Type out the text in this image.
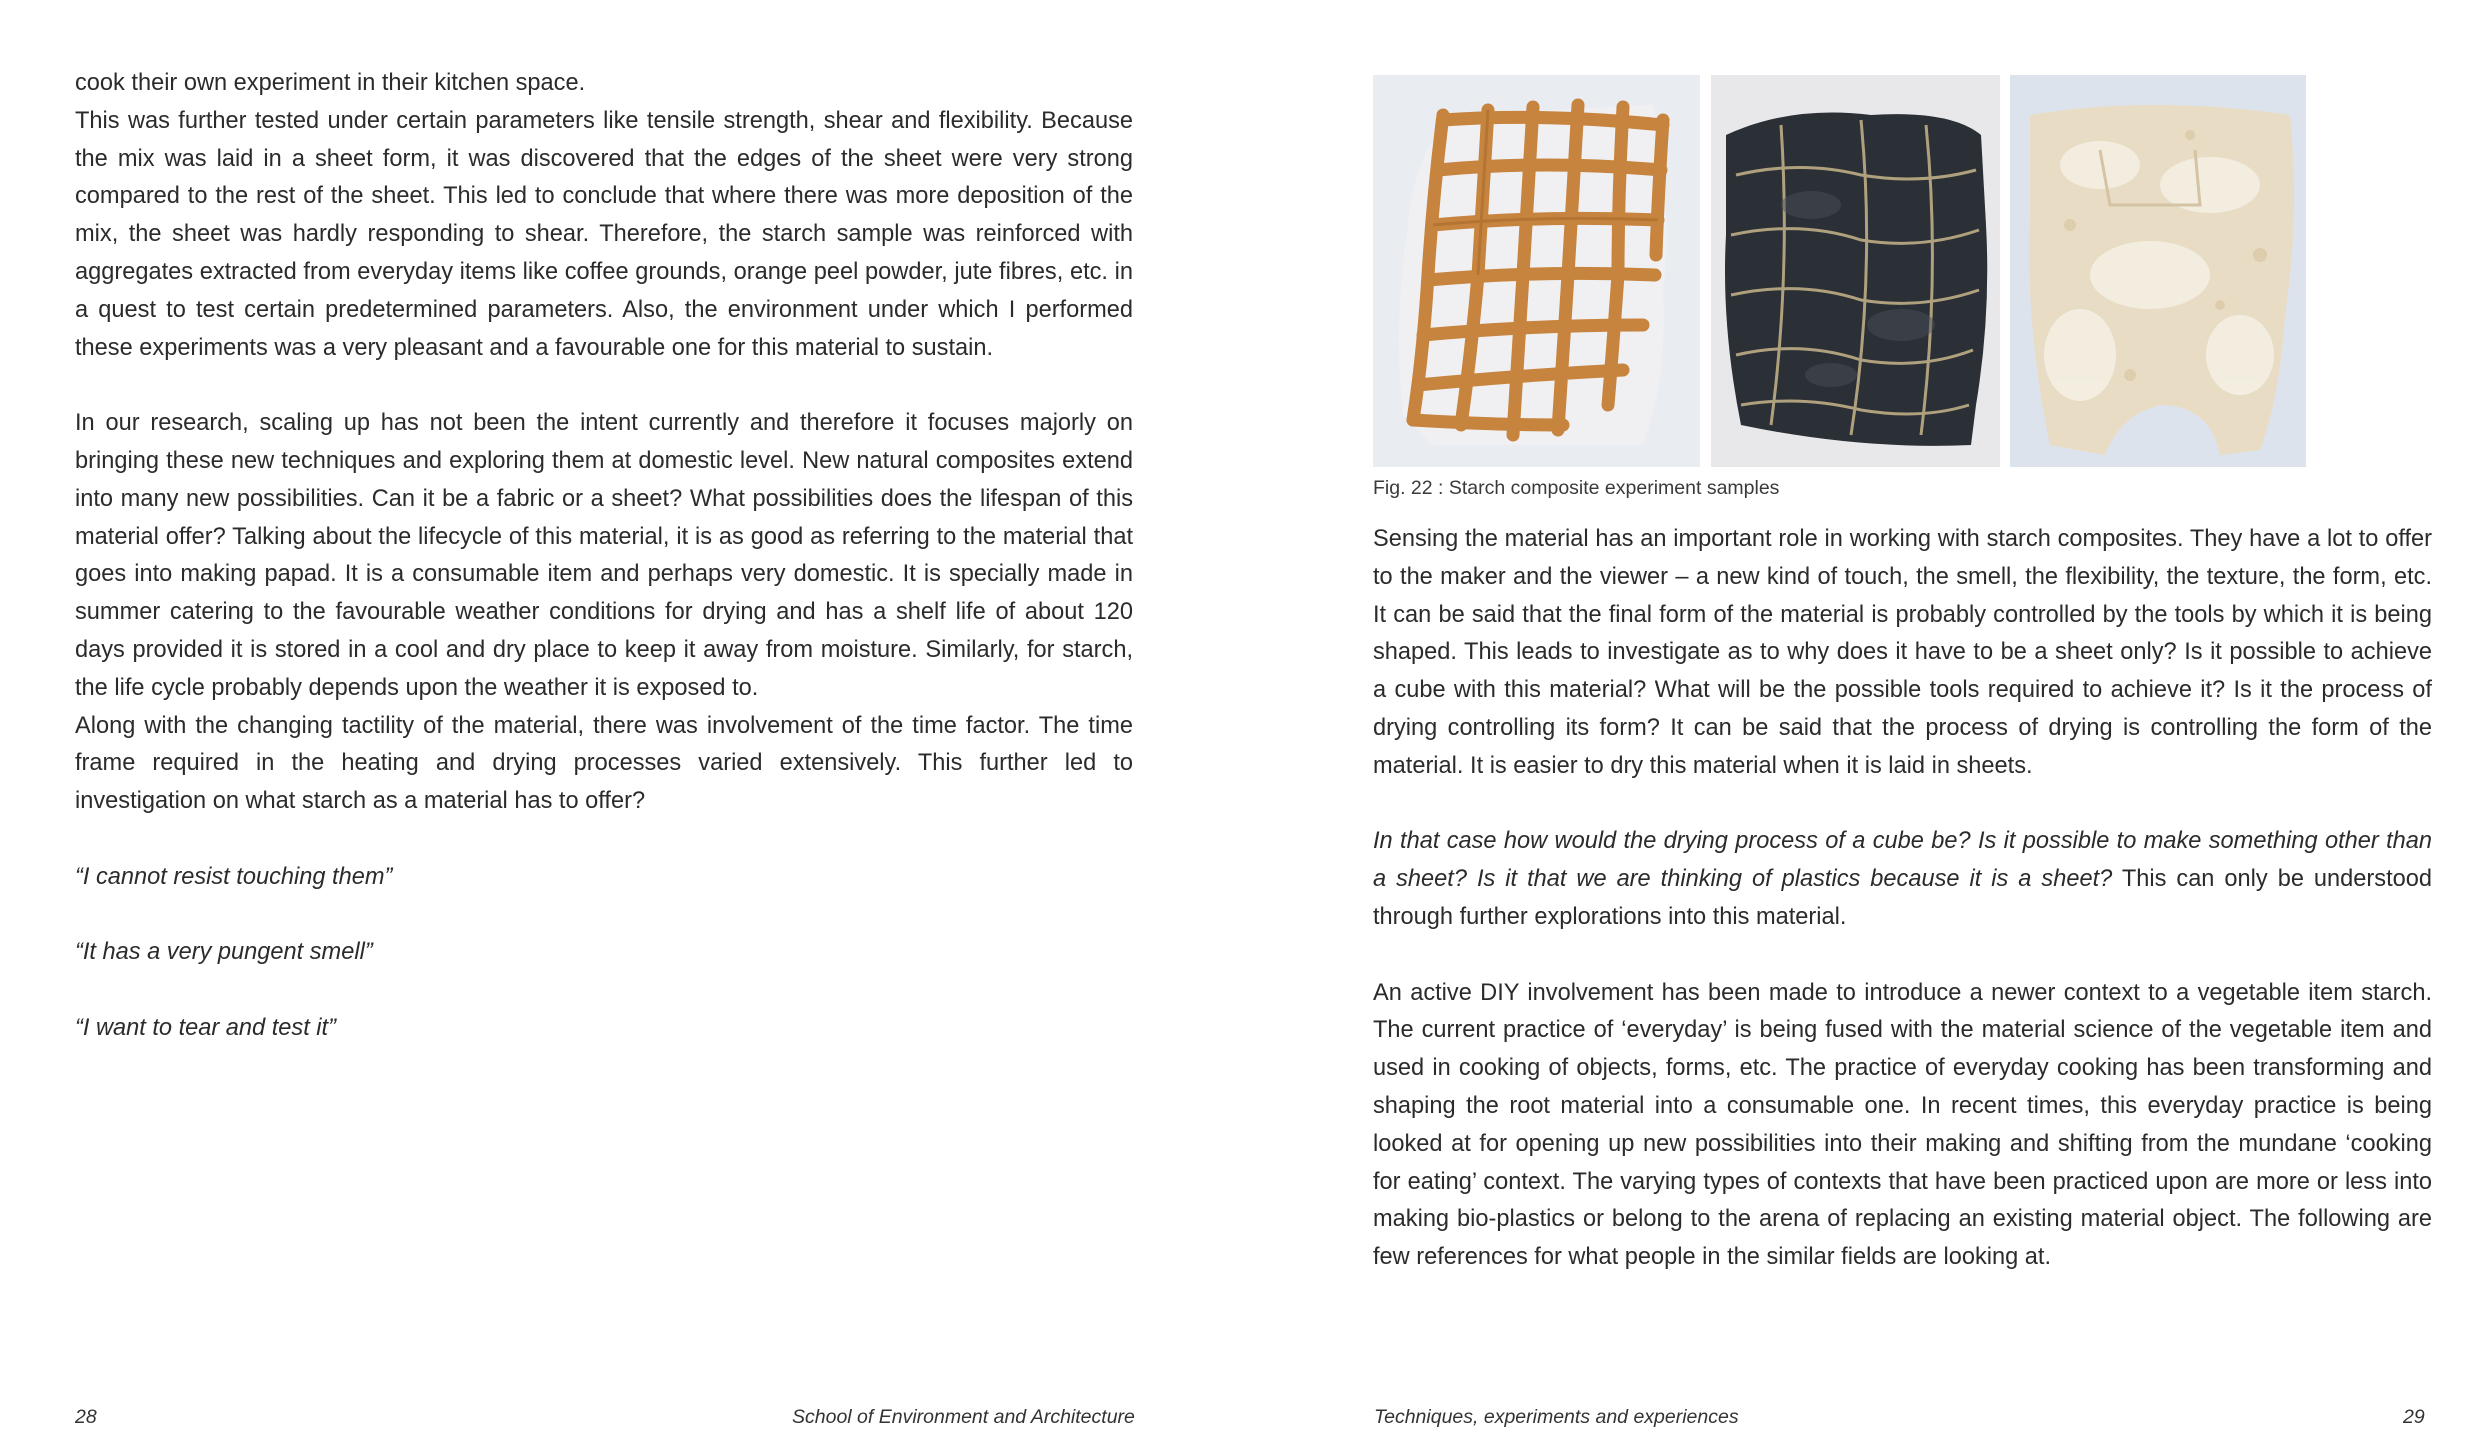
cook their own experiment in their kitchen space.

This was further tested under certain parameters like tensile strength, shear and flexibility. Because the mix was laid in a sheet form, it was discovered that the edges of the sheet were very strong compared to the rest of the sheet. This led to conclude that where there was more deposition of the mix, the sheet was hardly responding to shear. Therefore, the starch sample was reinforced with aggregates extracted from everyday items like coffee grounds, orange peel powder, jute fibres, etc. in a quest to test certain predetermined parameters. Also, the environment under which I performed these experiments was a very pleasant and a favourable one for this material to sustain.

In our research, scaling up has not been the intent currently and therefore it focuses majorly on bringing these new techniques and exploring them at domestic level. New natural composites extend into many new possibilities. Can it be a fabric or a sheet? What possibilities does the lifespan of this material offer? Talking about the lifecycle of this material, it is as good as referring to the material that goes into making papad. It is a consumable item and perhaps very domestic. It is specially made in summer catering to the favourable weather conditions for drying and has a shelf life of about 120 days provided it is stored in a cool and dry place to keep it away from moisture. Similarly, for starch, the life cycle probably depends upon the weather it is exposed to.

Along with the changing tactility of the material, there was involvement of the time factor. The time frame required in the heating and drying processes varied extensively. This further led to investigation on what starch as a material has to offer?

“I cannot resist touching them”

“It has a very pungent smell”

“I want to tear and test it”

28	School of Environment and Architecture
Fig. 22 : Starch composite experiment samples

Sensing the material has an important role in working with starch composites. They have a lot to offer to the maker and the viewer – a new kind of touch, the smell, the flexibility, the texture, the form, etc. It can be said that the final form of the material is probably controlled by the tools by which it is being shaped. This leads to investigate as to why does it have to be a sheet only? Is it possible to achieve a cube with this material? What will be the possible tools required to achieve it? Is it the process of drying controlling its form? It can be said that the process of drying is controlling the form of the material. It is easier to dry this material when it is laid in sheets.

In that case how would the drying process of a cube be? Is it possible to make something other than a sheet? Is it that we are thinking of plastics because it is a sheet? This can only be understood through further explorations into this material.

An active DIY involvement has been made to introduce a newer context to a vegetable item starch. The current practice of ‘everyday’ is being fused with the material science of the vegetable item and used in cooking of objects, forms, etc. The practice of everyday cooking has been transforming and shaping the root material into a consumable one. In recent times, this everyday practice is being looked at for opening up new possibilities into their making and shifting from the mundane ‘cooking for eating’ context. The varying types of contexts that have been practiced upon are more or less into making bio-plastics or belong to the arena of replacing an existing material object. The following are few references for what people in the similar fields are looking at.

Techniques, experiments and experiences	29
